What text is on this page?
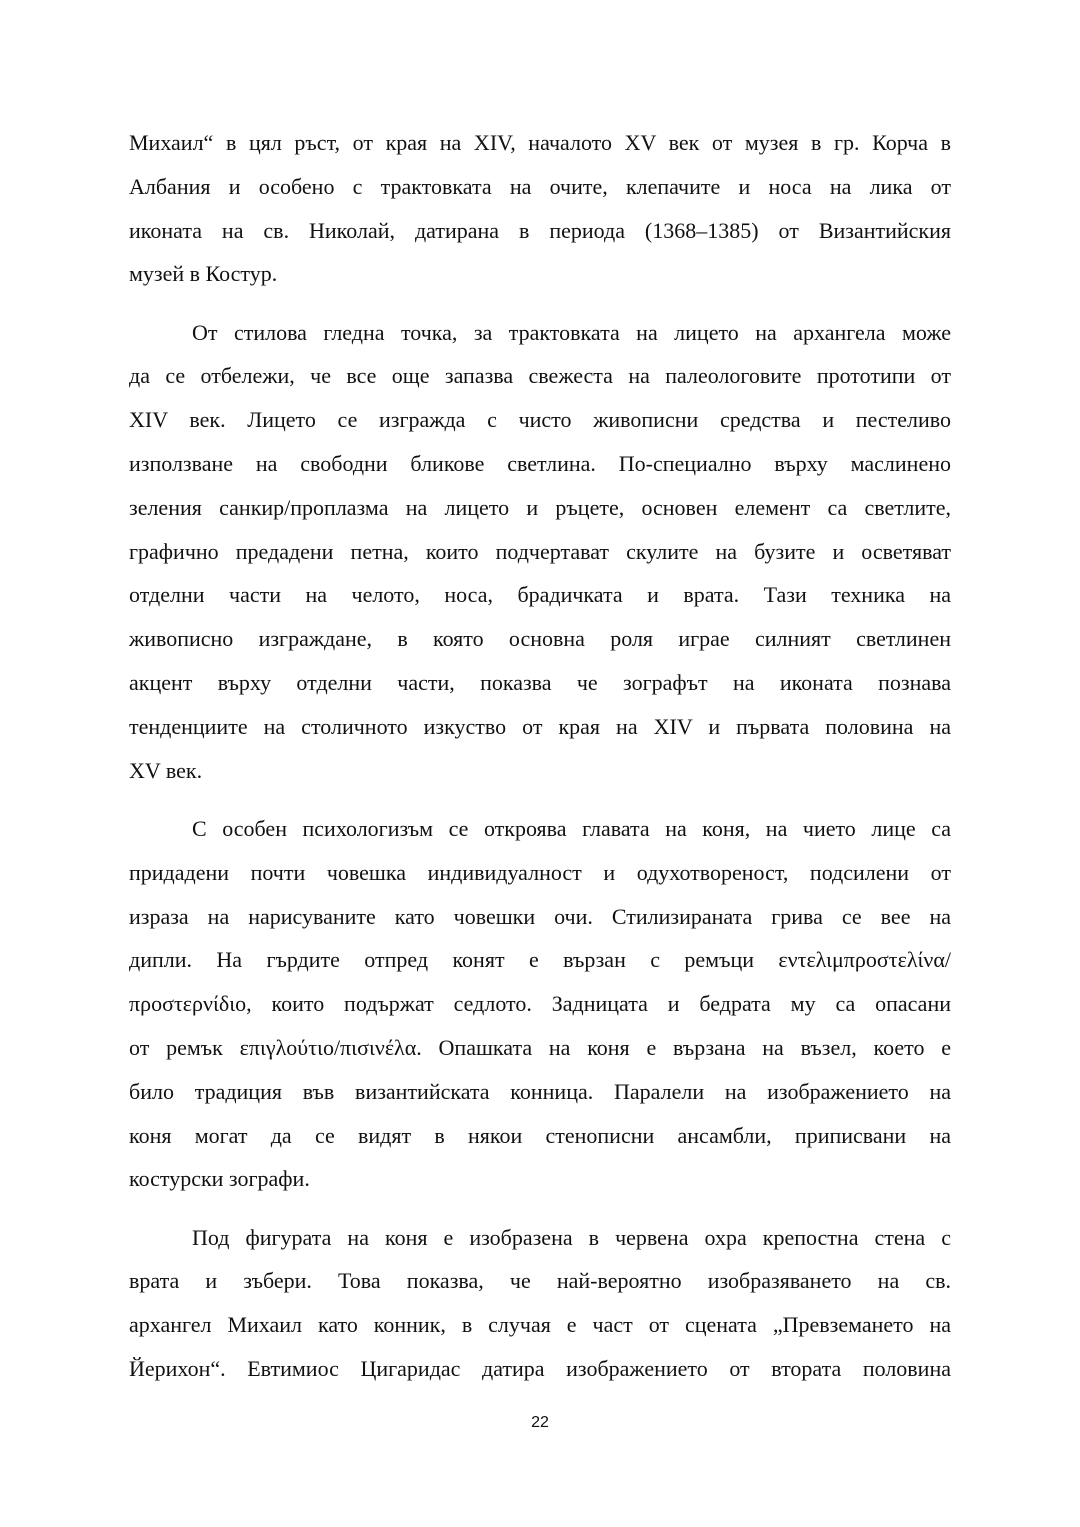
Михаил“ в цял ръст, от края на XIV, началото XV век от музея в гр. Корча в
Албания и особено с трактовката на очите, клепачите и носа на лика от
иконата на св. Николай, датирана в периода (1368–1385) от Византийския
музей в Костур.
От стилова гледна точка, за трактовката на лицето на архангела може
да се отбележи, че все още запазва свежеста на палеологовите прототипи от
XIV век. Лицето се изгражда с чисто живописни средства и пестеливо
използване на свободни бликове светлина. По-специално върху маслинено
зеления санкир/проплазма на лицето и ръцете, основен елемент са светлите,
графично предадени петна, които подчертават скулите на бузите и осветяват
отделни части на челото, носа, брадичката и врата. Тази техника на
живописно изграждане, в която основна роля играе силният светлинен
акцент върху отделни части, показва че зографът на иконата познава
тенденциите на столичното изкуство от края на XIV и първата половина на
XV век.
С особен психологизъм се откроява главата на коня, на чието лице са
придадени почти човешка индивидуалност и одухотвореност, подсилени от
израза на нарисуваните като човешки очи. Стилизираната грива се вее на
дипли. На гърдите отпред конят е вързан с ремъци εντελιμπροστελίνα/
προστερνίδιο, които подържат седлото. Задницата и бедрата му са опасани
от ремък επιγλούτιο/πισινέλα. Опашката на коня е вързана на възел, което е
било традиция във византийската конница. Паралели на изображението на
коня могат да се видят в някои стенописни ансамбли, приписвани на
костурски зографи.
Под фигурата на коня е изобразена в червена охра крепостна стена с
врата и зъбери. Това показва, че най-вероятно изобразяването на св.
архангел Михаил като конник, в случая е част от сцената „Превземането на
Йерихон“. Евтимиос Цигаридас датира изображението от втората половина
22
